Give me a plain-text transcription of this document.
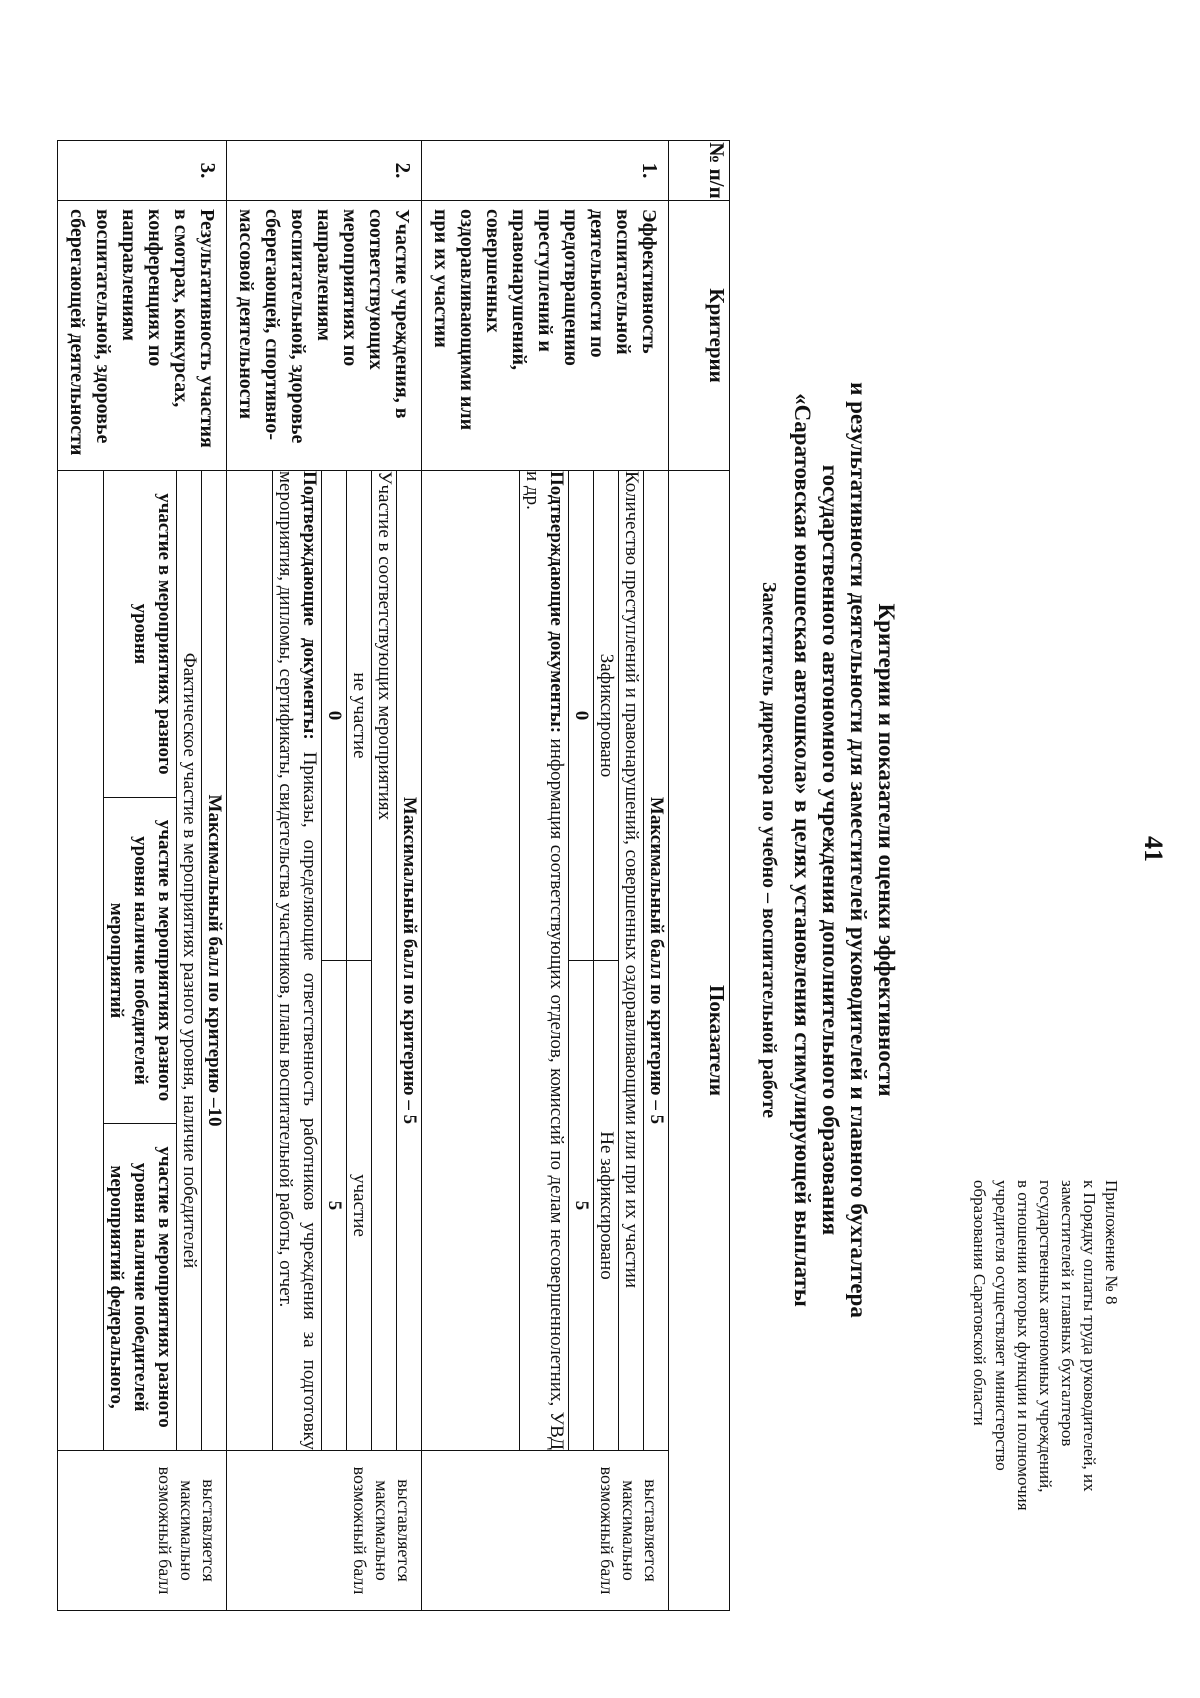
41
Приложение № 8
к Порядку оплаты труда руководителей, их
заместителей и главных бухгалтеров
государственных автономных учреждений,
в отношении которых функции и полномочия
учредителя осуществляет министерство
образования Саратовской области
Критерии и показатели оценки эффективности
и результативности деятельности для заместителей руководителей и главного бухгалтера
государственного автономного учреждения дополнительного образования
«Саратовская юношеская автошкола» в целях установления стимулирующей выплаты
Заместитель директора по учебно – воспитательной работе
№ п/п	Критерии	Показатели
1.	Эффективность воспитательной деятельности по предотвращению преступлений и правонарушений, совершенных оздоравливающими или при их участии	
Максимальный балл по критерию – 5
Количество преступлений и правонарушений, совершенных оздоравливающими или при их участии
Зафиксировано	Не зафиксировано
0	5
Подтверждающие документы: информация соответствующих отделов, комиссий по делам несовершеннолетних, УВД и др.
	выставляется максимально возможный балл
2.	Участие учреждения, в соответствующих мероприятиях по направлениям воспитательной, здоровье сберегающей, спортивно-массовой деятельности	
Максимальный балл по критерию – 5
Участие в соответствующих мероприятиях
не участие	участие
0	5
Подтверждающие документы: Приказы, определяющие ответственность работников учреждения за подготовку мероприятия, дипломы, сертификаты, свидетельства участников, планы воспитательной работы, отчет.
	выставляется максимально возможный балл
3.	Результативность участия в смотрах, конкурсах, конференциях по направлениям воспитательной, здоровье сберегающей деятельности	
Максимальный балл по критерию –10
Фактическое участие в мероприятиях разного уровня, наличие победителей
участие в мероприятиях разного уровня	участие в мероприятиях разного уровня наличие победителей мероприятий	участие в мероприятиях разного уровня наличие победителей мероприятий федерального,
	выставляется максимально возможный балл
